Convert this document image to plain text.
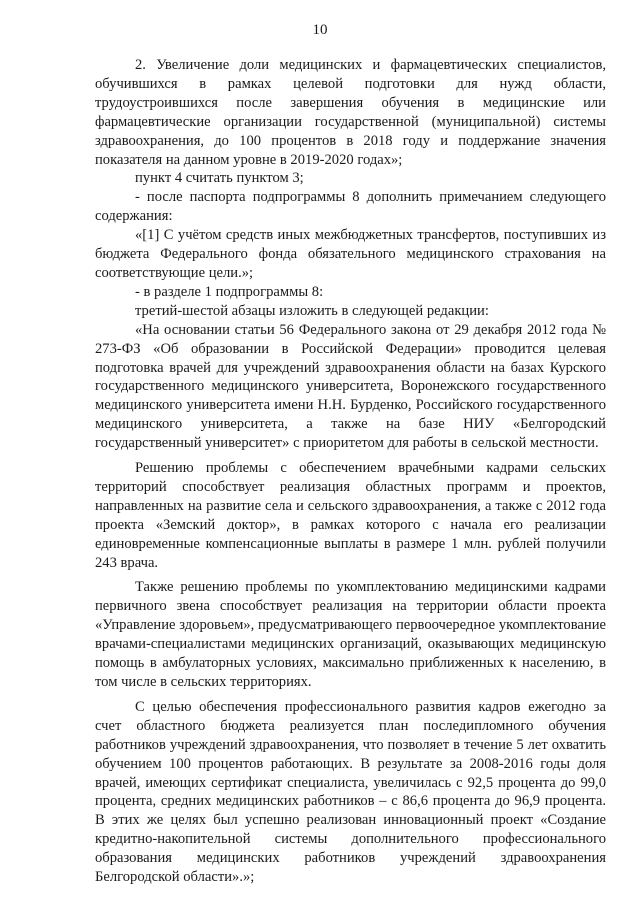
10

2. Увеличение доли медицинских и фармацевтических специалистов, обучившихся в рамках целевой подготовки для нужд области, трудоустроившихся после завершения обучения в медицинские или фармацевтические организации государственной (муниципальной) системы здравоохранения, до 100 процентов в 2018 году и поддержание значения показателя на данном уровне в 2019-2020 годах»;

пункт 4 считать пунктом 3;

- после паспорта подпрограммы 8 дополнить примечанием следующего содержания:

«[1] С учётом средств иных межбюджетных трансфертов, поступивших из бюджета Федерального фонда обязательного медицинского страхования на соответствующие цели.»;

- в разделе 1 подпрограммы 8:

третий-шестой абзацы изложить в следующей редакции:

«На основании статьи 56 Федерального закона от 29 декабря 2012 года № 273-ФЗ «Об образовании в Российской Федерации» проводится целевая подготовка врачей для учреждений здравоохранения области на базах Курского государственного медицинского университета, Воронежского государственного медицинского университета имени Н.Н. Бурденко, Российского государственного медицинского университета, а также на базе НИУ «Белгородский государственный университет» с приоритетом для работы в сельской местности.

Решению проблемы с обеспечением врачебными кадрами сельских территорий способствует реализация областных программ и проектов, направленных на развитие села и сельского здравоохранения, а также с 2012 года проекта «Земский доктор», в рамках которого с начала его реализации единовременные компенсационные выплаты в размере 1 млн. рублей получили 243 врача.

Также решению проблемы по укомплектованию медицинскими кадрами первичного звена способствует реализация на территории области проекта «Управление здоровьем», предусматривающего первоочередное укомплектование врачами-специалистами медицинских организаций, оказывающих медицинскую помощь в амбулаторных условиях, максимально приближенных к населению, в том числе в сельских территориях.

С целью обеспечения профессионального развития кадров ежегодно за счет областного бюджета реализуется план последипломного обучения работников учреждений здравоохранения, что позволяет в течение 5 лет охватить обучением 100 процентов работающих. В результате за 2008-2016 годы доля врачей, имеющих сертификат специалиста, увеличилась с 92,5 процента до 99,0 процента, средних медицинских работников – с 86,6 процента до 96,9 процента. В этих же целях был успешно реализован инновационный проект «Создание кредитно-накопительной системы дополнительного профессионального образования медицинских работников учреждений здравоохранения Белгородской области».»;
